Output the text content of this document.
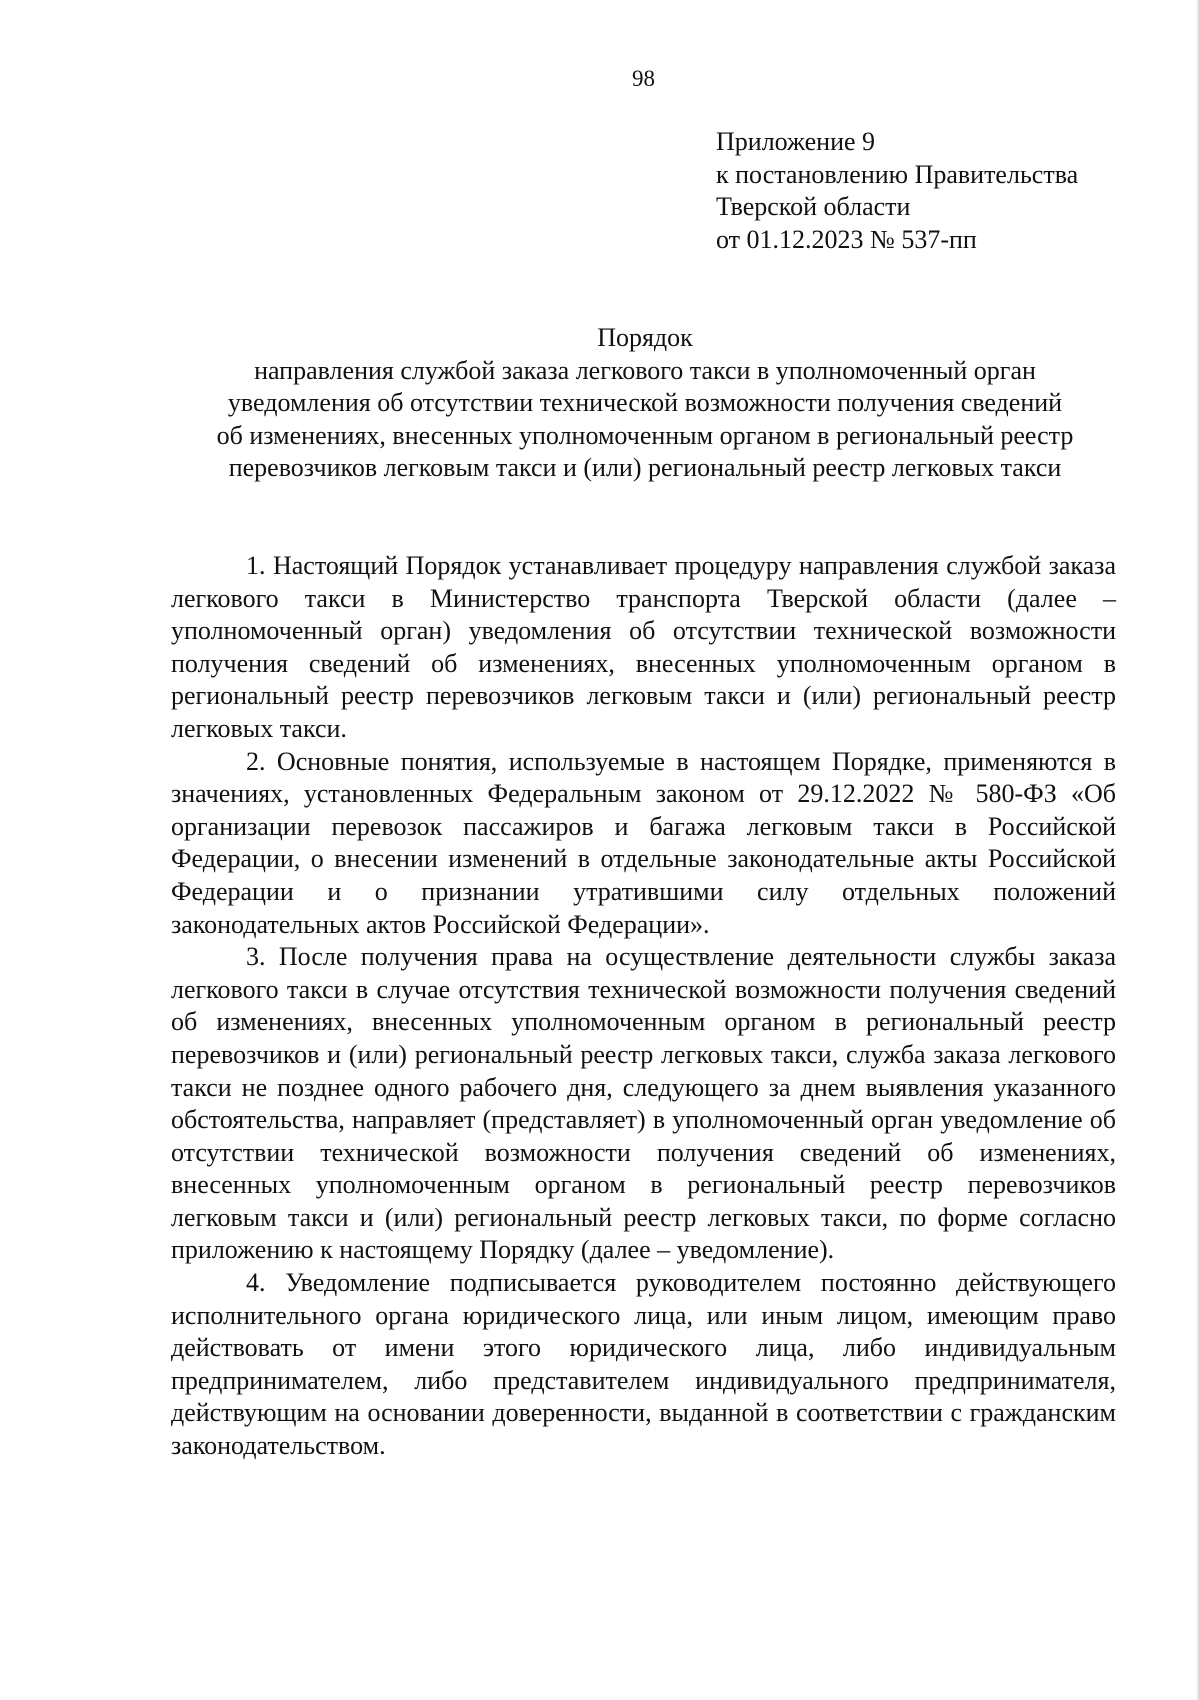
98
Приложение 9
к постановлению Правительства
Тверской области
от 01.12.2023 № 537-пп
Порядок
направления службой заказа легкового такси в уполномоченный орган
уведомления об отсутствии технической возможности получения сведений
об изменениях, внесенных уполномоченным органом в региональный реестр
перевозчиков легковым такси и (или) региональный реестр легковых такси

1. Настоящий Порядок устанавливает процедуру направления службой заказа легкового такси в Министерство транспорта Тверской области (далее – уполномоченный орган) уведомления об отсутствии технической возможности получения сведений об изменениях, внесенных уполномоченным органом в региональный реестр перевозчиков легковым такси и (или) региональный реестр легковых такси.

2. Основные понятия, используемые в настоящем Порядке, применяются в значениях, установленных Федеральным законом от 29.12.2022 № 580-ФЗ «Об организации перевозок пассажиров и багажа легковым такси в Российской Федерации, о внесении изменений в отдельные законодательные акты Российской Федерации и о признании утратившими силу отдельных положений законодательных актов Российской Федерации».

3. После получения права на осуществление деятельности службы заказа легкового такси в случае отсутствия технической возможности получения сведений об изменениях, внесенных уполномоченным органом в региональный реестр перевозчиков и (или) региональный реестр легковых такси, служба заказа легкового такси не позднее одного рабочего дня, следующего за днем выявления указанного обстоятельства, направляет (представляет) в уполномоченный орган уведомление об отсутствии технической возможности получения сведений об изменениях, внесенных уполномоченным органом в региональный реестр перевозчиков легковым такси и (или) региональный реестр легковых такси, по форме согласно приложению к настоящему Порядку (далее – уведомление).

4. Уведомление подписывается руководителем постоянно действующего исполнительного органа юридического лица, или иным лицом, имеющим право действовать от имени этого юридического лица, либо индивидуальным предпринимателем, либо представителем индивидуального предпринимателя, действующим на основании доверенности, выданной в соответствии с гражданским законодательством.
